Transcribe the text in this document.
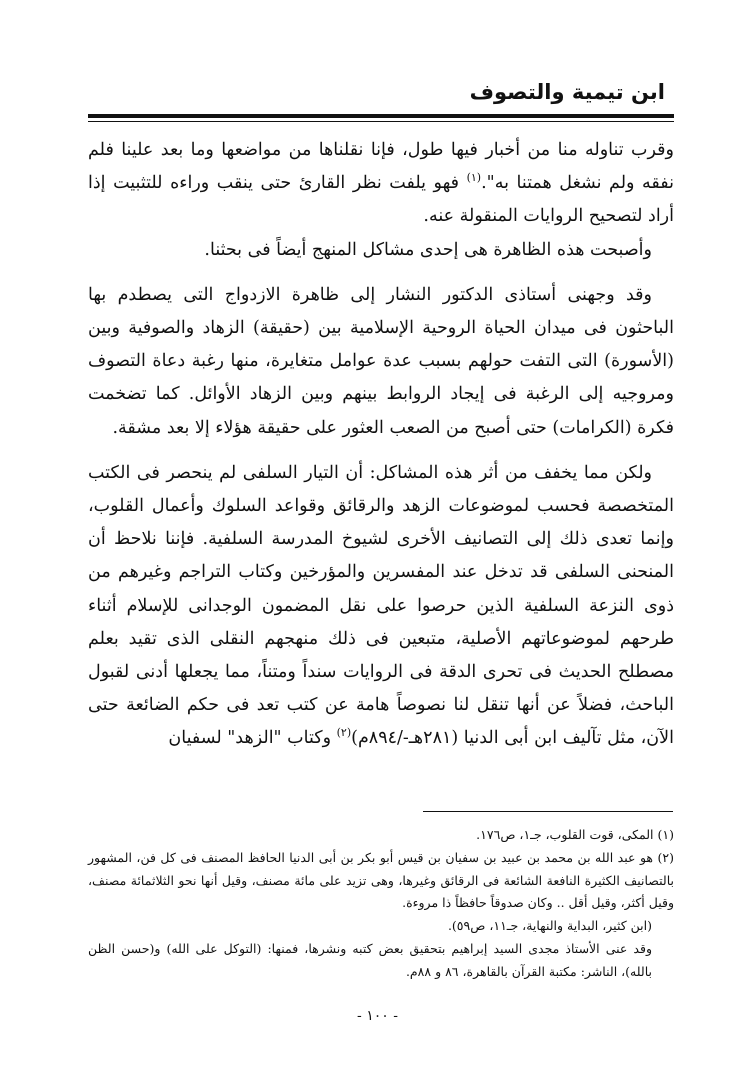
ابن تيمية والتصوف

وقرب تناوله منا من أخبار فيها طول، فإنا نقلناها من مواضعها وما بعد علينا فلم نفقه ولم نشغل همتنا به".$^{(١)}$ فهو يلفت نظر القارئ حتى ينقب وراءه للتثبيت إذا أراد لتصحيح الروايات المنقولة عنه.

وأصبحت هذه الظاهرة هى إحدى مشاكل المنهج أيضاً فى بحثنا.

وقد وجهنى أستاذى الدكتور النشار إلى ظاهرة الازدواج التى يصطدم بها الباحثون فى ميدان الحياة الروحية الإسلامية بين (حقيقة) الزهاد والصوفية وبين (الأسورة) التى التفت حولهم بسبب عدة عوامل متغايرة، منها رغبة دعاة التصوف ومروجيه إلى الرغبة فى إيجاد الروابط بينهم وبين الزهاد الأوائل. كما تضخمت فكرة (الكرامات) حتى أصبح من الصعب العثور على حقيقة هؤلاء إلا بعد مشقة.

ولكن مما يخفف من أثر هذه المشاكل: أن التيار السلفى لم ينحصر فى الكتب المتخصصة فحسب لموضوعات الزهد والرقائق وقواعد السلوك وأعمال القلوب، وإنما تعدى ذلك إلى التصانيف الأخرى لشيوخ المدرسة السلفية. فإننا نلاحظ أن المنحنى السلفى قد تدخل عند المفسرين والمؤرخين وكتاب التراجم وغيرهم من ذوى النزعة السلفية الذين حرصوا على نقل المضمون الوجدانى للإسلام أثناء طرحهم لموضوعاتهم الأصلية، متبعين فى ذلك منهجهم النقلى الذى تقيد بعلم مصطلح الحديث فى تحرى الدقة فى الروايات سنداً ومتناً، مما يجعلها أدنى لقبول الباحث، فضلاً عن أنها تنقل لنا نصوصاً هامة عن كتب تعد فى حكم الضائعة حتى الآن، مثل تآليف ابن أبى الدنيا (٢٨١هـ-/٨٩٤م)$^{(٢)}$ وكتاب "الزهد" لسفيان

(١) المكى، قوت القلوب، جـ١، ص١٧٦.

(٢) هو عبد الله بن محمد بن عبيد بن سفيان بن قيس أبو بكر بن أبى الدنيا الحافظ المصنف فى كل فن، المشهور بالتصانيف الكثيرة النافعة الشائعة فى الرقائق وغيرها، وهى تزيد على مائة مصنف، وقيل أنها نحو الثلاثمائة مصنف، وقيل أكثر، وقيل أقل .. وكان صدوقاً حافظاً ذا مروءة.

(ابن كثير، البداية والنهاية، جـ١١، ص٥٩).

وقد عنى الأستاذ مجدى السيد إبراهيم بتحقيق بعض كتبه ونشرها، فمنها: (التوكل على الله) و(حسن الظن بالله)، الناشر: مكتبة القرآن بالقاهرة، ٨٦ و ٨٨م.

- ١٠٠ -
